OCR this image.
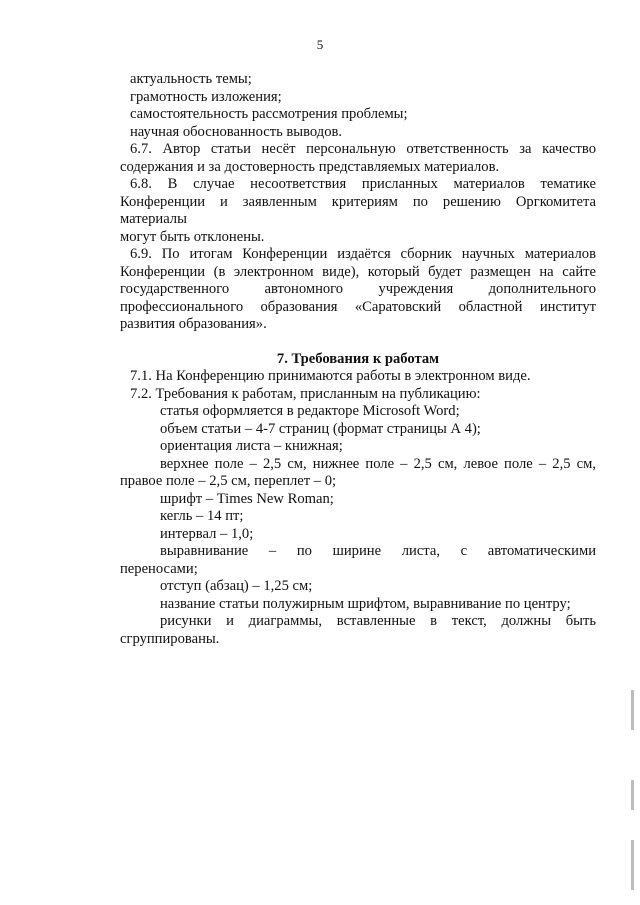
5
актуальность темы;
грамотность изложения;
самостоятельность рассмотрения проблемы;
научная обоснованность выводов.
6.7. Автор статьи несёт персональную ответственность за качество
содержания и за достоверность представляемых материалов.
6.8. В случае несоответствия присланных материалов тематике
Конференции и заявленным критериям по решению Оргкомитета материалы
могут быть отклонены.
6.9. По итогам Конференции издаётся сборник научных материалов
Конференции (в электронном виде), который будет размещен на сайте
государственного автономного учреждения дополнительного
профессионального образования «Саратовский областной институт
развития образования».
7. Требования к работам
7.1. На Конференцию принимаются работы в электронном виде.
7.2. Требования к работам, присланным на публикацию:
статья оформляется в редакторе Microsoft Word;
объем статьи – 4-7 страниц (формат страницы А 4);
ориентация листа – книжная;
верхнее поле – 2,5 см, нижнее поле – 2,5 см, левое поле – 2,5 см,
правое поле – 2,5 см, переплет – 0;
шрифт – Times New Roman;
кегль – 14 пт;
интервал – 1,0;
выравнивание – по ширине листа, с автоматическими
переносами;
отступ (абзац) – 1,25 см;
название статьи полужирным шрифтом, выравнивание по центру;
рисунки и диаграммы, вставленные в текст, должны быть
сгруппированы.
